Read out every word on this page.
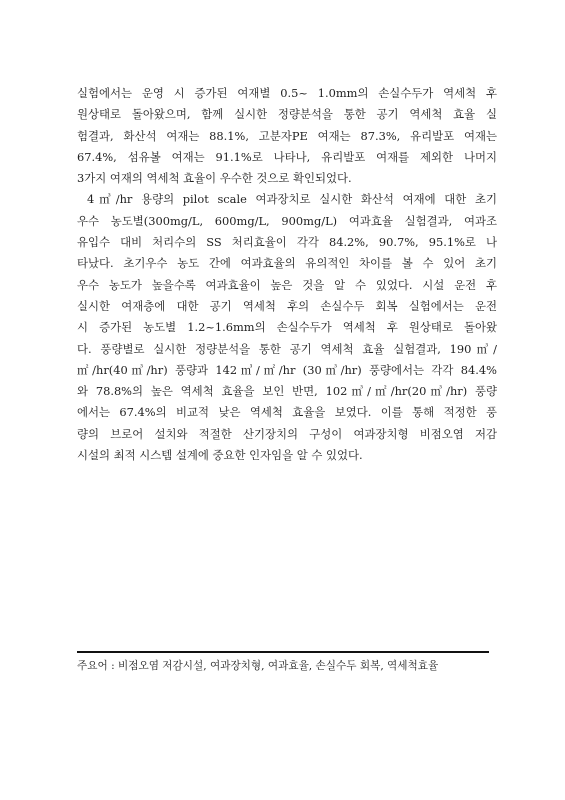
실험에서는 운영 시 증가된 여재별 0.5~ 1.0mm의 손실수두가 역세척 후
원상태로 돌아왔으며, 함께 실시한 정량분석을 통한 공기 역세척 효율 실
험결과, 화산석 여재는 88.1%, 고분자PE 여재는 87.3%, 유리발포 여재는
67.4%, 섬유볼 여재는 91.1%로 나타나, 유리발포 여재를 제외한 나머지
3가지 여재의 역세척 효율이 우수한 것으로 확인되었다.
4㎥/hr 용량의 pilot scale 여과장치로 실시한 화산석 여재에 대한 초기
우수 농도별(300mg/L, 600mg/L, 900mg/L) 여과효율 실험결과, 여과조
유입수 대비 처리수의 SS 처리효율이 각각 84.2%, 90.7%, 95.1%로 나
타났다. 초기우수 농도 간에 여과효율의 유의적인 차이를 볼 수 있어 초기
우수 농도가 높을수록 여과효율이 높은 것을 알 수 있었다. 시설 운전 후
실시한 여재층에 대한 공기 역세척 후의 손실수두 회복 실험에서는 운전
시 증가된 농도별 1.2~1.6mm의 손실수두가 역세척 후 원상태로 돌아왔
다. 풍량별로 실시한 정량분석을 통한 공기 역세척 효율 실험결과, 190㎥/
㎡/hr(40㎥/hr) 풍량과 142㎥/㎡/hr (30㎥/hr) 풍량에서는 각각 84.4%
와 78.8%의 높은 역세척 효율을 보인 반면, 102㎥/㎡/hr(20㎥/hr) 풍량
에서는 67.4%의 비교적 낮은 역세척 효율을 보였다. 이를 통해 적정한 풍
량의 브로어 설치와 적절한 산기장치의 구성이 여과장치형 비점오염 저감
시설의 최적 시스템 설계에 중요한 인자임을 알 수 있었다.
주요어 : 비점오염 저감시설, 여과장치형, 여과효율, 손실수두 회복, 역세척효율
